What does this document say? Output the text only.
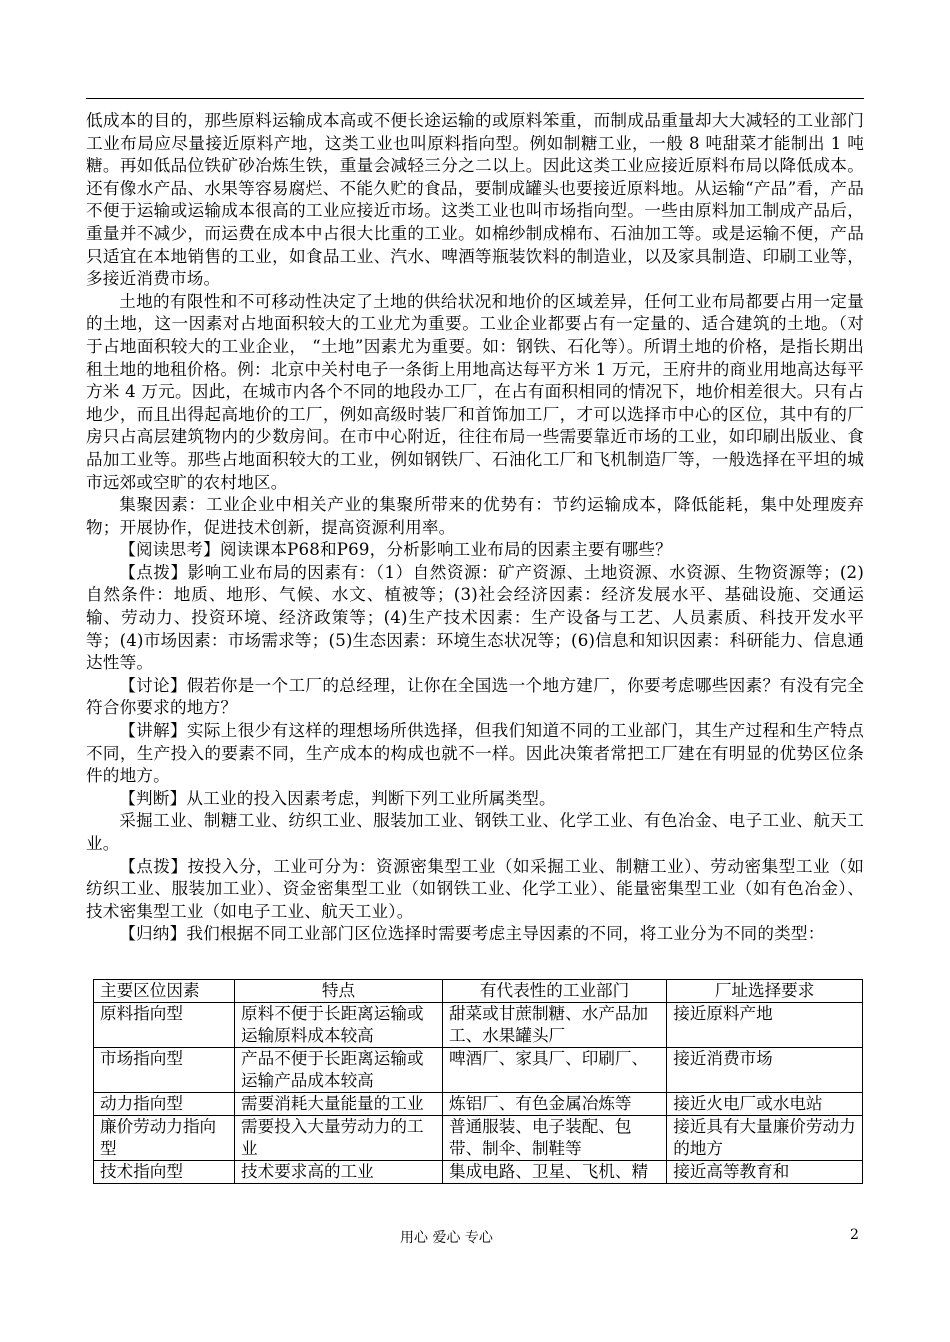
低成本的目的，那些原料运输成本高或不便长途运输的或原料笨重，而制成品重量却大大减轻的工业部门工业布局应尽量接近原料产地，这类工业也叫原料指向型。例如制糖工业，一般 8 吨甜菜才能制出 1 吨糖。再如低品位铁矿砂冶炼生铁，重量会减轻三分之二以上。因此这类工业应接近原料布局以降低成本。还有像水产品、水果等容易腐烂、不能久贮的食品，要制成罐头也要接近原料地。从运输“产品”看，产品不便于运输或运输成本很高的工业应接近市场。这类工业也叫市场指向型。一些由原料加工制成产品后，重量并不减少，而运费在成本中占很大比重的工业。如棉纱制成棉布、石油加工等。或是运输不便，产品只适宜在本地销售的工业，如食品工业、汽水、啤酒等瓶装饮料的制造业，以及家具制造、印刷工业等，多接近消费市场。

土地的有限性和不可移动性决定了土地的供给状况和地价的区域差异，任何工业布局都要占用一定量的土地，这一因素对占地面积较大的工业尤为重要。工业企业都要占有一定量的、适合建筑的土地。（对于占地面积较大的工业企业， “土地”因素尤为重要。如：钢铁、石化等）。所谓土地的价格，是指长期出租土地的地租价格。例：北京中关村电子一条街上用地高达每平方米 1 万元，王府井的商业用地高达每平方米 4 万元。因此，在城市内各个不同的地段办工厂，在占有面积相同的情况下，地价相差很大。只有占地少，而且出得起高地价的工厂，例如高级时装厂和首饰加工厂，才可以选择市中心的区位，其中有的厂房只占高层建筑物内的少数房间。在市中心附近，往往布局一些需要靠近市场的工业，如印刷出版业、食品加工业等。那些占地面积较大的工业，例如钢铁厂、石油化工厂和飞机制造厂等，一般选择在平坦的城市远郊或空旷的农村地区。

集聚因素：工业企业中相关产业的集聚所带来的优势有：节约运输成本，降低能耗，集中处理废弃物；开展协作，促进技术创新，提高资源利用率。

【阅读思考】阅读课本P68和P69，分析影响工业布局的因素主要有哪些？

【点拨】影响工业布局的因素有：（1）自然资源：矿产资源、土地资源、水资源、生物资源等；(2)自然条件：地质、地形、气候、水文、植被等；(3)社会经济因素：经济发展水平、基础设施、交通运输、劳动力、投资环境、经济政策等；(4)生产技术因素：生产设备与工艺、人员素质、科技开发水平等；(4)市场因素：市场需求等；(5)生态因素：环境生态状况等；(6)信息和知识因素：科研能力、信息通达性等。

【讨论】假若你是一个工厂的总经理，让你在全国选一个地方建厂，你要考虑哪些因素？有没有完全符合你要求的地方？

【讲解】实际上很少有这样的理想场所供选择，但我们知道不同的工业部门，其生产过程和生产特点不同，生产投入的要素不同，生产成本的构成也就不一样。因此决策者常把工厂建在有明显的优势区位条件的地方。

【判断】从工业的投入因素考虑，判断下列工业所属类型。

采掘工业、制糖工业、纺织工业、服装加工业、钢铁工业、化学工业、有色冶金、电子工业、航天工业。

【点拨】按投入分，工业可分为：资源密集型工业（如采掘工业、制糖工业）、劳动密集型工业（如纺织工业、服装加工业）、资金密集型工业（如钢铁工业、化学工业）、能量密集型工业（如有色冶金）、技术密集型工业（如电子工业、航天工业）。

【归纳】我们根据不同工业部门区位选择时需要考虑主导因素的不同，将工业分为不同的类型：

主要区位因素	特点	有代表性的工业部门	厂址选择要求
原料指向型	原料不便于长距离运输或运输原料成本较高	甜菜或甘蔗制糖、水产品加工、水果罐头厂	接近原料产地
市场指向型	产品不便于长距离运输或运输产品成本较高	啤酒厂、家具厂、印刷厂、	接近消费市场
动力指向型	需要消耗大量能量的工业	炼铝厂、有色金属冶炼等	接近火电厂或水电站
廉价劳动力指向型	需要投入大量劳动力的工业	普通服装、电子装配、包带、制伞、制鞋等	接近具有大量廉价劳动力的地方
技术指向型	技术要求高的工业	集成电路、卫星、飞机、精	接近高等教育和
用心 爱心 专心	2
